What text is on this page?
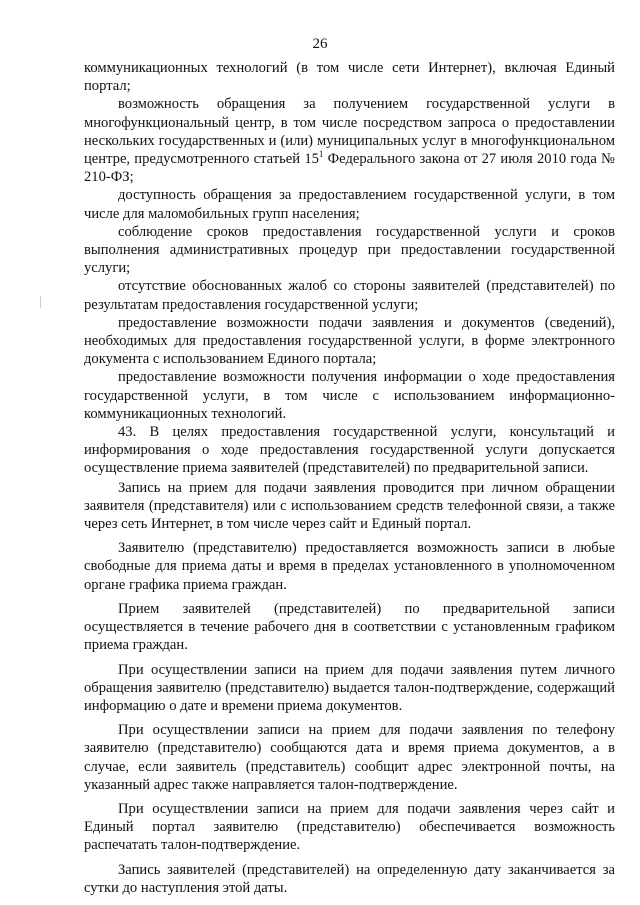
26

коммуникационных технологий (в том числе сети Интернет), включая Единый портал;

возможность обращения за получением государственной услуги в многофункциональный центр, в том числе посредством запроса о предоставлении нескольких государственных и (или) муниципальных услуг в многофункциональном центре, предусмотренного статьей $15^1$ Федерального закона от 27 июля 2010 года № 210-ФЗ;

доступность обращения за предоставлением государственной услуги, в том числе для маломобильных групп населения;

соблюдение сроков предоставления государственной услуги и сроков выполнения административных процедур при предоставлении государственной услуги;

отсутствие обоснованных жалоб со стороны заявителей (представителей) по результатам предоставления государственной услуги;

предоставление возможности подачи заявления и документов (сведений), необходимых для предоставления государственной услуги, в форме электронного документа с использованием Единого портала;

предоставление возможности получения информации о ходе предоставления государственной услуги, в том числе с использованием информационно-коммуникационных технологий.

43. В целях предоставления государственной услуги, консультаций и информирования о ходе предоставления государственной услуги допускается осуществление приема заявителей (представителей) по предварительной записи.

Запись на прием для подачи заявления проводится при личном обращении заявителя (представителя) или с использованием средств телефонной связи, а также через сеть Интернет, в том числе через сайт и Единый портал.

Заявителю (представителю) предоставляется возможность записи в любые свободные для приема даты и время в пределах установленного в уполномоченном органе графика приема граждан.

Прием заявителей (представителей) по предварительной записи осуществляется в течение рабочего дня в соответствии с установленным графиком приема граждан.

При осуществлении записи на прием для подачи заявления путем личного обращения заявителю (представителю) выдается талон-подтверждение, содержащий информацию о дате и времени приема документов.

При осуществлении записи на прием для подачи заявления по телефону заявителю (представителю) сообщаются дата и время приема документов, а в случае, если заявитель (представитель) сообщит адрес электронной почты, на указанный адрес также направляется талон-подтверждение.

При осуществлении записи на прием для подачи заявления через сайт и Единый портал заявителю (представителю) обеспечивается возможность распечатать талон-подтверждение.

Запись заявителей (представителей) на определенную дату заканчивается за сутки до наступления этой даты.
